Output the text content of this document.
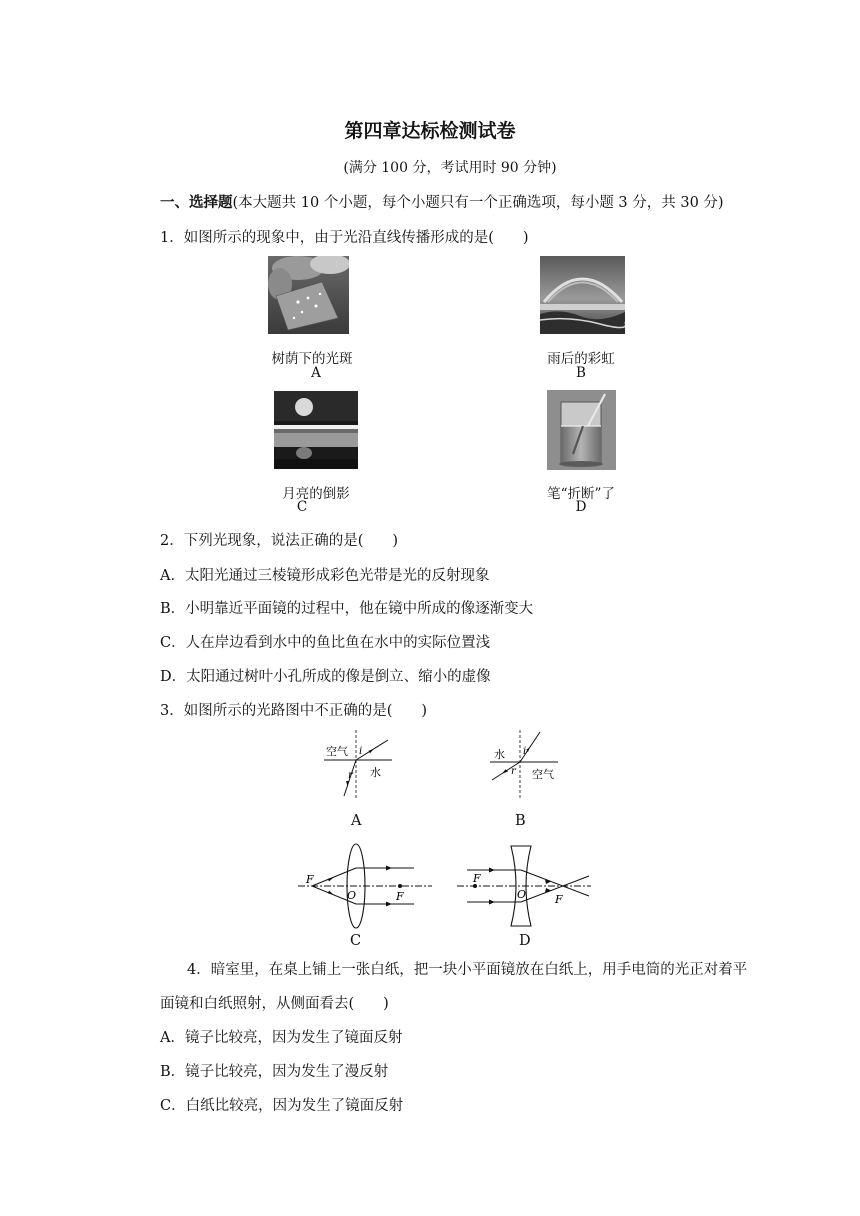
第四章达标检测试卷
(满分 100 分，考试用时 90 分钟)
一、选择题(本大题共 10 个小题，每个小题只有一个正确选项，每小题 3 分，共 30 分)
1．如图所示的现象中，由于光沿直线传播形成的是(　　)
树荫下的光斑
A
雨后的彩虹
B
月亮的倒影
C
笔“折断”了
D
2．下列光现象，说法正确的是(　　)
A．太阳光通过三棱镜形成彩色光带是光的反射现象
B．小明靠近平面镜的过程中，他在镜中所成的像逐渐变大
C．人在岸边看到水中的鱼比鱼在水中的实际位置浅
D．太阳通过树叶小孔所成的像是倒立、缩小的虚像
3．如图所示的光路图中不正确的是(　　)
空气
水
i
r
A
水
空气
i
r
B
F
O	F
C
F
O	F
D
4．暗室里，在桌上铺上一张白纸，把一块小平面镜放在白纸上，用手电筒的光正对着平
面镜和白纸照射，从侧面看去(　　)
A．镜子比较亮，因为发生了镜面反射
B．镜子比较亮，因为发生了漫反射
C．白纸比较亮，因为发生了镜面反射
